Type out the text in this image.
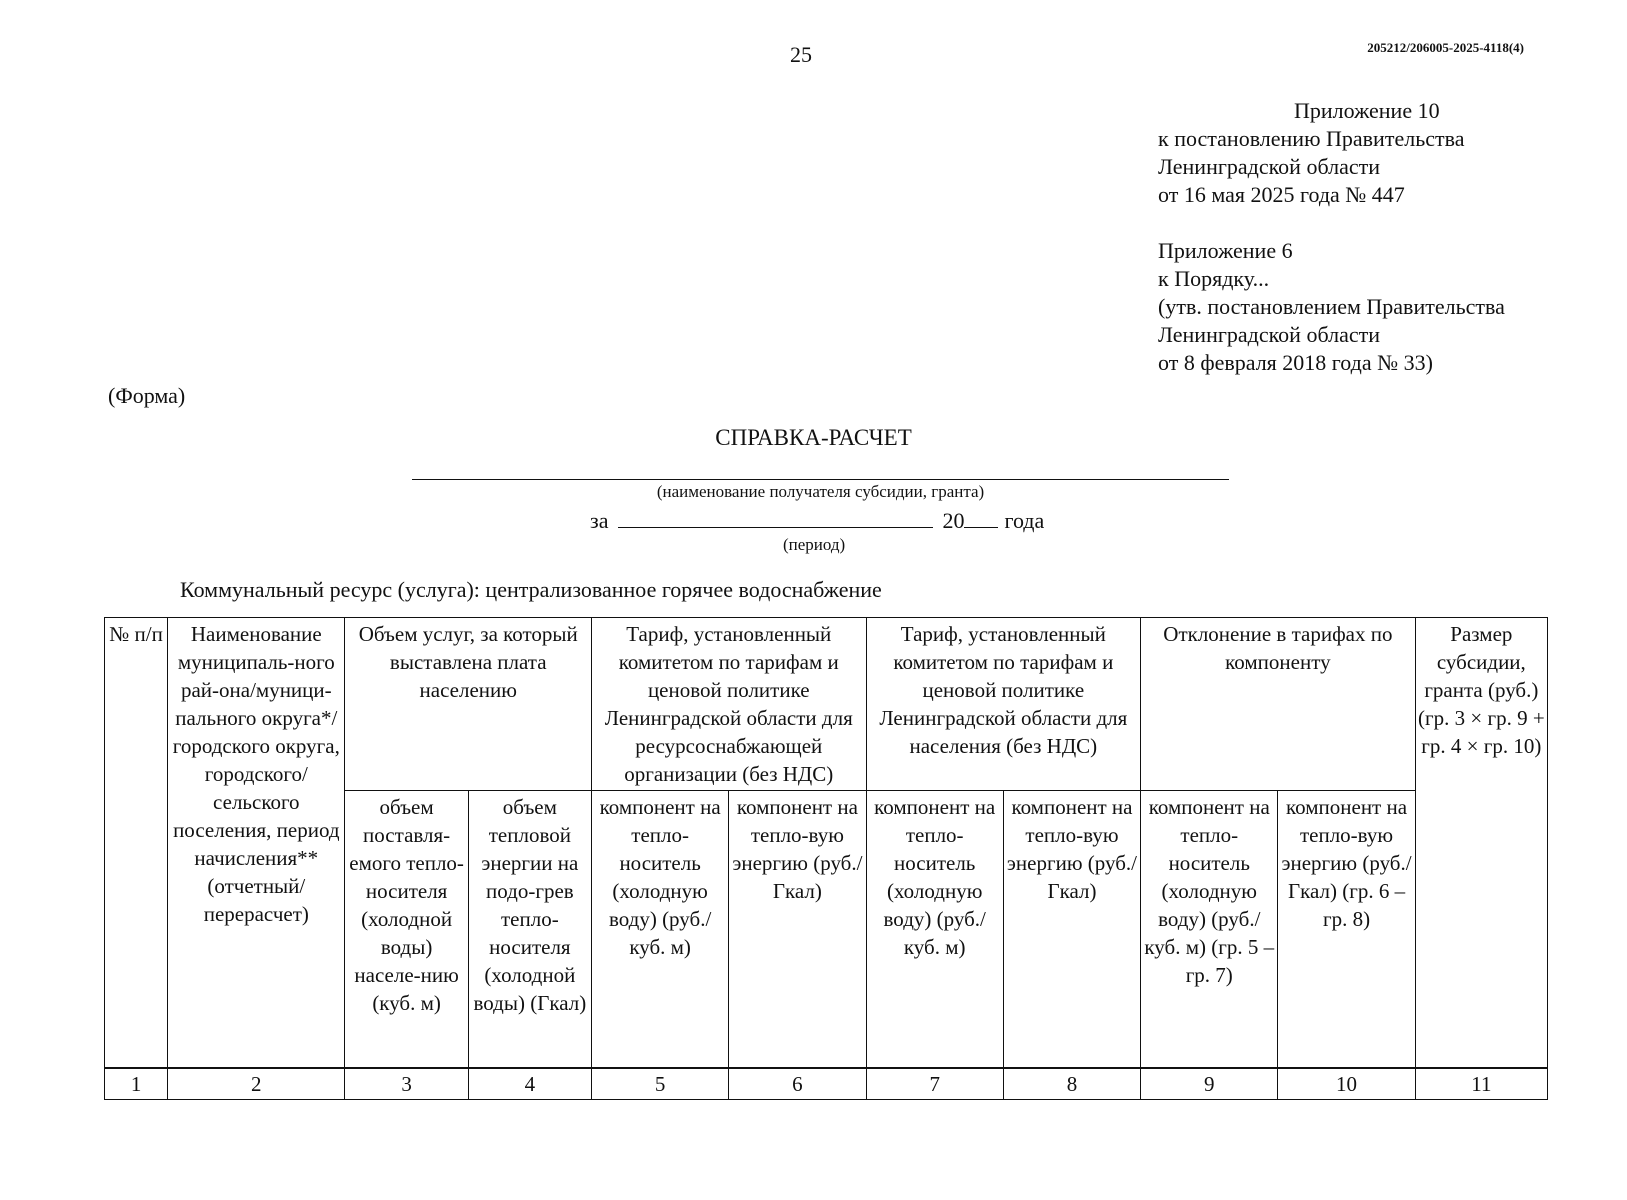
25	205212/206005-2025-4118(4)
Приложение 10
к постановлению Правительства
Ленинградской области
от 16 мая 2025 года № 447
Приложение 6
к Порядку...
(утв. постановлением Правительства
Ленинградской области
от 8 февраля 2018 года № 33)
(Форма)
СПРАВКА-РАСЧЕТ
(наименование получателя субсидии, гранта)
за	20 года
(период)
Коммунальный ресурс (услуга): централизованное горячее водоснабжение
№ п/п	Наименование муниципаль-ного рай-она/муници-пального округа*/ городского округа, городского/ сельского поселения, период начисления** (отчетный/ перерасчет)	Объем услуг, за который выставлена плата населению		Тариф, установленный комитетом по тарифам и ценовой политике Ленинградской области для ресурсоснабжающей организации (без НДС)		Тариф, установленный комитетом по тарифам и ценовой политике Ленинградской области для населения (без НДС)		Отклонение в тарифах по компоненту		Размер субсидии, гранта (руб.) (гр. 3 × гр. 9 + гр. 4 × гр. 10)
		объем поставля-емого тепло-носителя (холодной воды) населе-нию (куб. м)	объем тепловой энергии на подо-грев тепло-носителя (холодной воды) (Гкал)	компонент на тепло-носитель (холодную воду) (руб./ куб. м)	компонент на тепло-вую энергию (руб./Гкал)	компонент на тепло-носитель (холодную воду) (руб./ куб. м)	компонент на тепло-вую энергию (руб./Гкал)	компонент на тепло-носитель (холодную воду) (руб./ куб. м) (гр. 5 – гр. 7)	компонент на тепло-вую энергию (руб./Гкал) (гр. 6 – гр. 8)	
1	2	3	4	5	6	7	8	9	10	11
